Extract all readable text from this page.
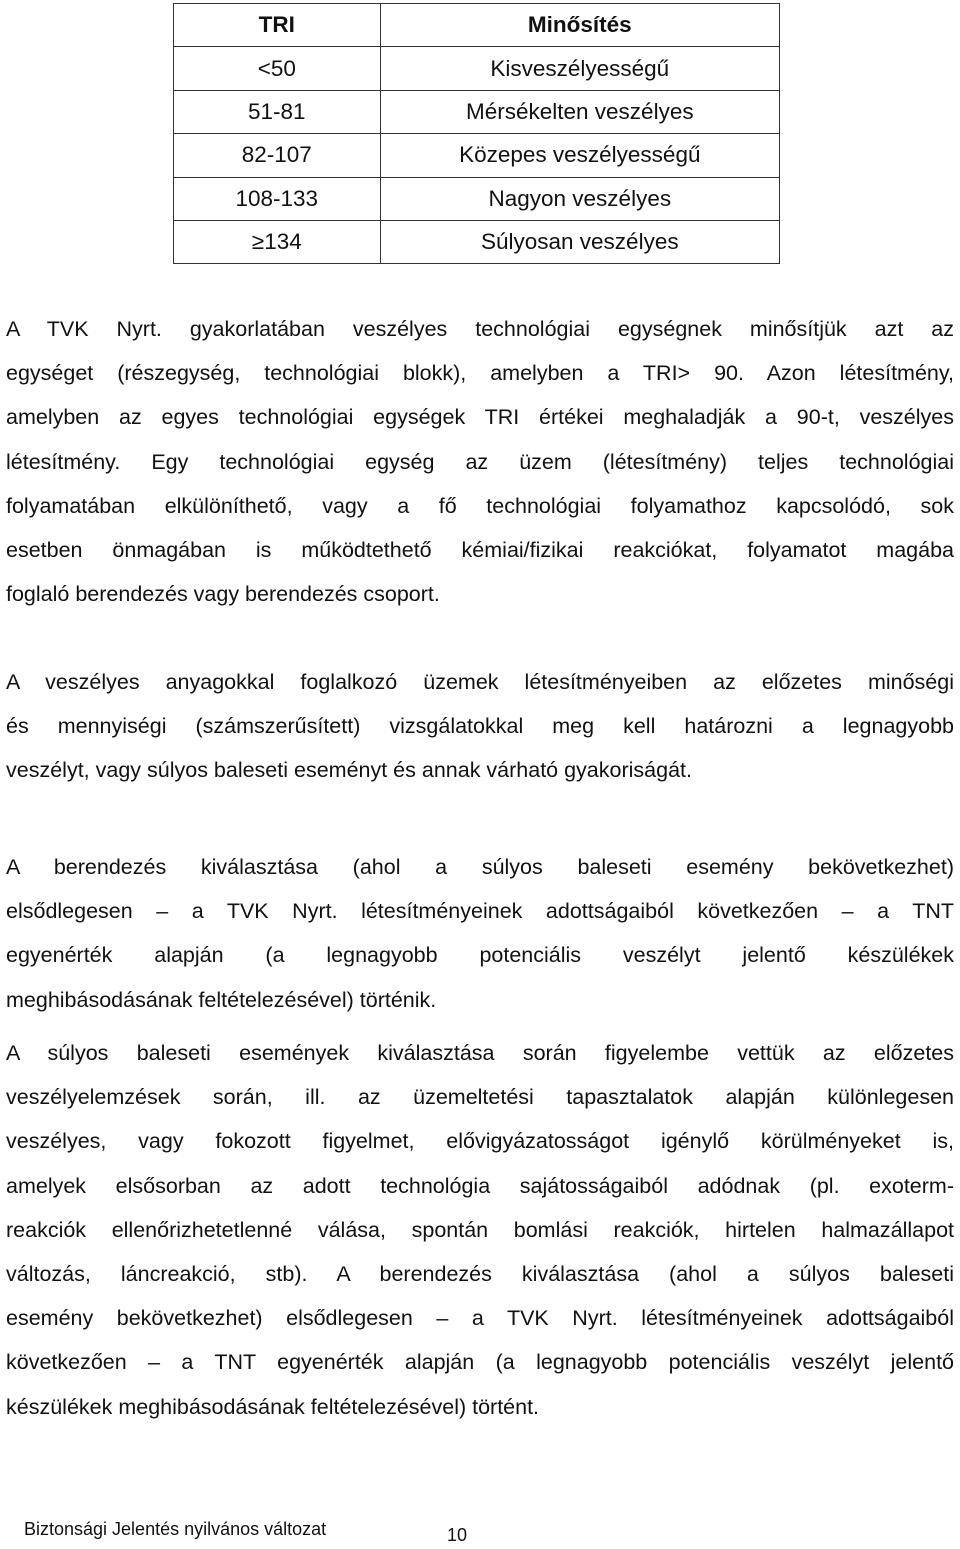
TRI	Minősítés
<50	Kisveszélyességű
51-81	Mérsékelten veszélyes
82-107	Közepes veszélyességű
108-133	Nagyon veszélyes
≥134	Súlyosan veszélyes
A TVK Nyrt. gyakorlatában veszélyes technológiai egységnek minősítjük azt az
egységet (részegység, technológiai blokk), amelyben a TRI> 90. Azon létesítmény,
amelyben az egyes technológiai egységek TRI értékei meghaladják a 90-t, veszélyes
létesítmény. Egy technológiai egység az üzem (létesítmény) teljes technológiai
folyamatában elkülöníthető, vagy a fő technológiai folyamathoz kapcsolódó, sok
esetben önmagában is működtethető kémiai/fizikai reakciókat, folyamatot magába
foglaló berendezés vagy berendezés csoport.
A veszélyes anyagokkal foglalkozó üzemek létesítményeiben az előzetes minőségi
és mennyiségi (számszerűsített) vizsgálatokkal meg kell határozni a legnagyobb
veszélyt, vagy súlyos baleseti eseményt és annak várható gyakoriságát.
A berendezés kiválasztása (ahol a súlyos baleseti esemény bekövetkezhet)
elsődlegesen – a TVK Nyrt. létesítményeinek adottságaiból következően – a TNT
egyenérték alapján (a legnagyobb potenciális veszélyt jelentő készülékek
meghibásodásának feltételezésével) történik.
A súlyos baleseti események kiválasztása során figyelembe vettük az előzetes
veszélyelemzések során, ill. az üzemeltetési tapasztalatok alapján különlegesen
veszélyes, vagy fokozott figyelmet, elővigyázatosságot igénylő körülményeket is,
amelyek elsősorban az adott technológia sajátosságaiból adódnak (pl. exoterm-
reakciók ellenőrizhetetlenné válása, spontán bomlási reakciók, hirtelen halmazállapot
változás, láncreakció, stb). A berendezés kiválasztása (ahol a súlyos baleseti
esemény bekövetkezhet) elsődlegesen – a TVK Nyrt. létesítményeinek adottságaiból
következően – a TNT egyenérték alapján (a legnagyobb potenciális veszélyt jelentő
készülékek meghibásodásának feltételezésével) történt.
Biztonsági Jelentés nyilvános változat	10
